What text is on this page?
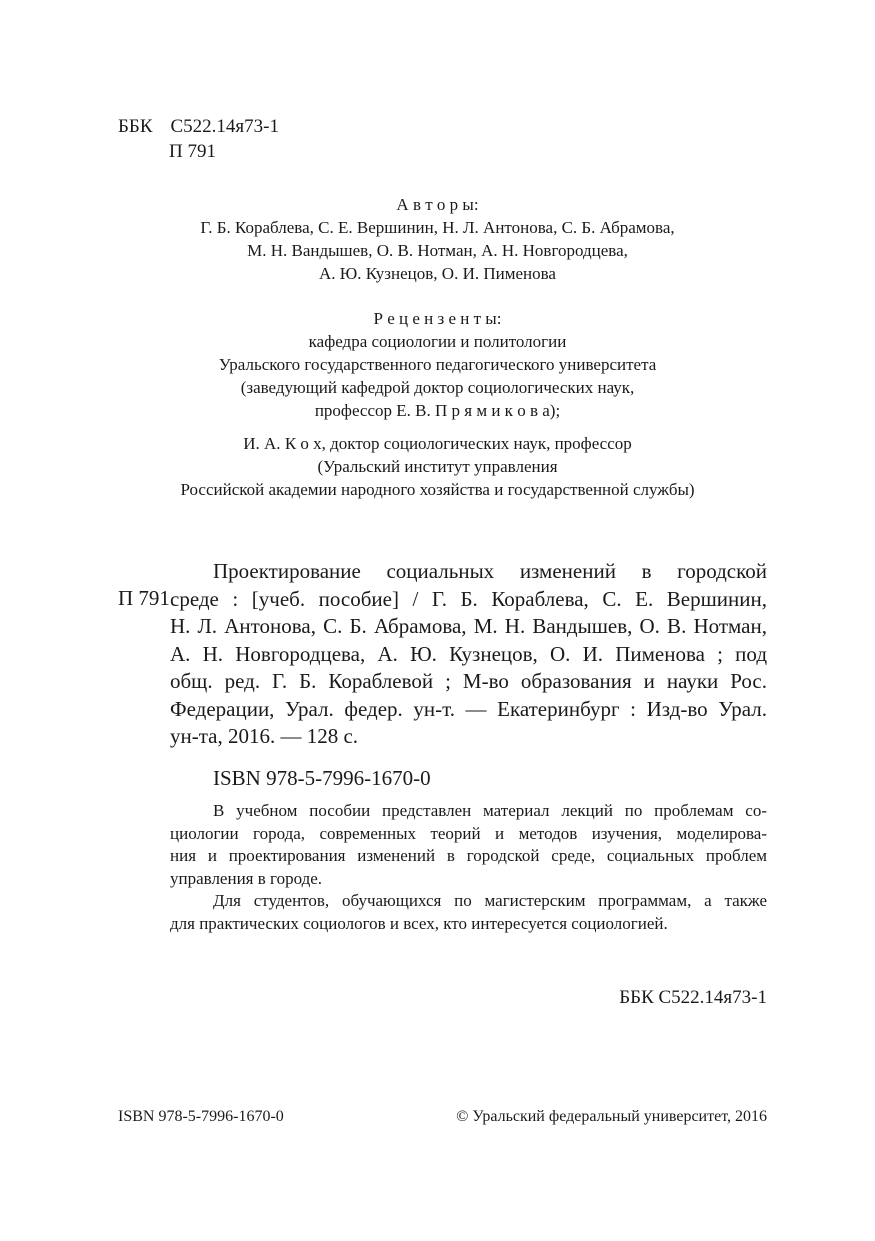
ББК С522.14я73-1
П 791
А в т о р ы:
Г. Б. Кораблева, С. Е. Вершинин, Н. Л. Антонова, С. Б. Абрамова,
М. Н. Вандышев, О. В. Нотман, А. Н. Новгородцева,
А. Ю. Кузнецов, О. И. Пименова
Р е ц е н з е н т ы:
кафедра социологии и политологии
Уральского государственного педагогического университета
(заведующий кафедрой доктор социологических наук,
профессор Е. В. П р я м и к о в а);
И. А. К о х, доктор социологических наук, профессор
(Уральский институт управления
Российской академии народного хозяйства и государственной службы)
П 791

Проектирование социальных изменений в городской

среде : [учеб. пособие] / Г. Б. Кораблева, С. Е. Вершинин,

Н. Л. Антонова, С. Б. Абрамова, М. Н. Вандышев, О. В. Нотман,

А. Н. Новгородцева, А. Ю. Кузнецов, О. И. Пименова ; под

общ. ред. Г. Б. Кораблевой ; М-во образования и науки Рос.

Федерации, Урал. федер. ун-т. — Екатеринбург : Изд-во Урал.

ун-та, 2016. — 128 с.

ISBN 978-5-7996-1670-0

В учебном пособии представлен материал лекций по проблемам со-

циологии города, современных теорий и методов изучения, моделирова-

ния и проектирования изменений в городской среде, социальных проблем

управления в городе.

Для студентов, обучающихся по магистерским программам, а также

для практических социологов и всех, кто интересуется социологией.

ББК С522.14я73-1
ISBN 978-5-7996-1670-0	© Уральский федеральный университет, 2016
